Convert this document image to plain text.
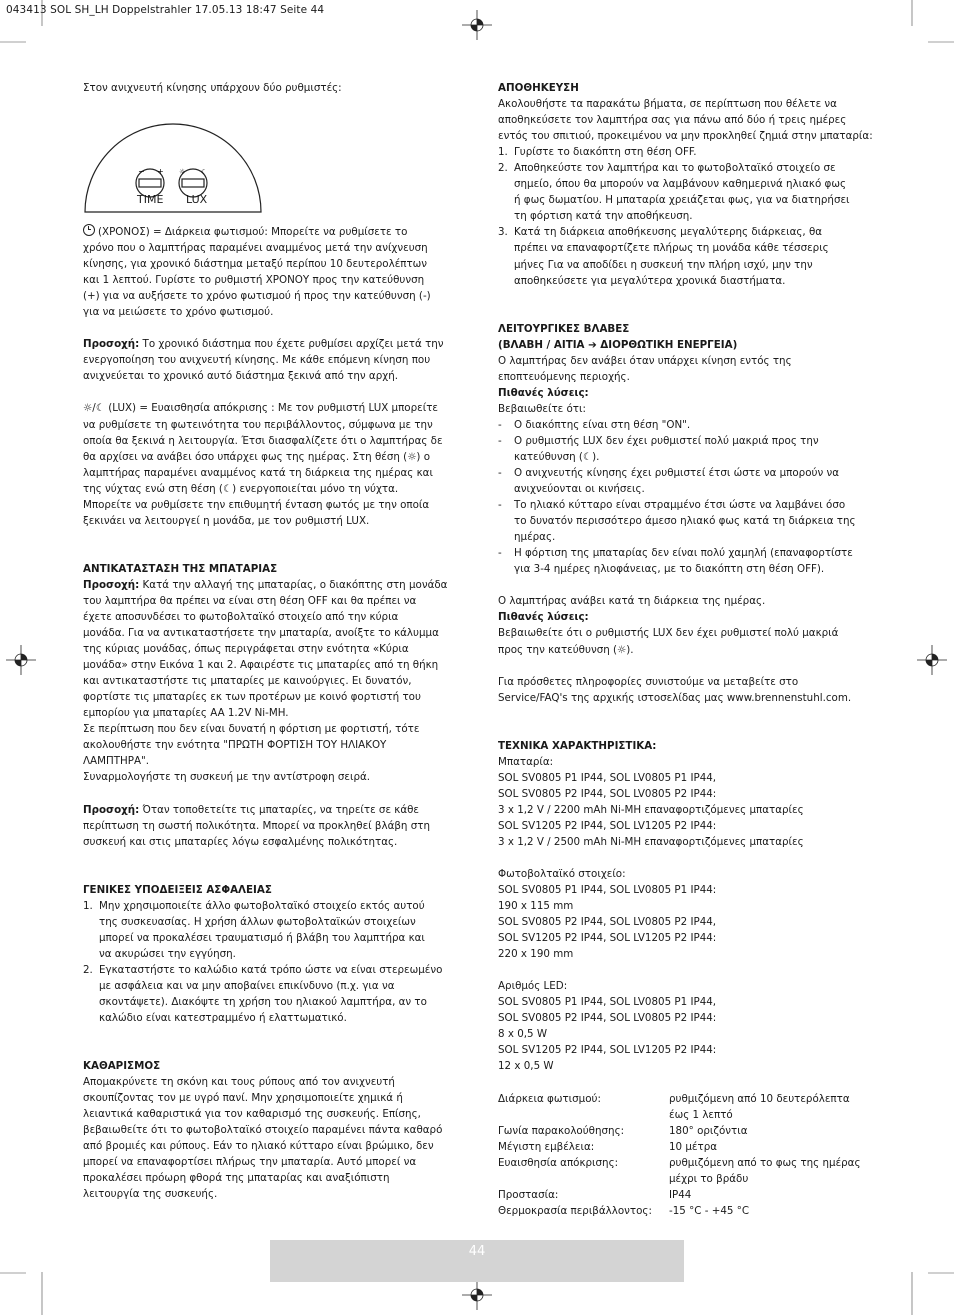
043413 SOL SH_LH Doppelstrahler 17.05.13 18:47 Seite 44

Στον ανιχνευτή κίνησης υπάρχουν δύο ρυθμιστές:

− + ☼ ☾
TIME LUX

(ΧΡΟΝΟΣ) = Διάρκεια φωτισμού: Μπορείτε να ρυθμίσετε το

χρόνο που ο λαμπτήρας παραμένει αναμμένος μετά την ανίχνευση

κίνησης, για χρονικό διάστημα μεταξύ περίπου 10 δευτερολέπτων

και 1 λεπτού. Γυρίστε το ρυθμιστή ΧΡΟΝΟΥ προς την κατεύθυνση

(+) για να αυξήσετε το χρόνο φωτισμού ή προς την κατεύθυνση (-)

για να μειώσετε το χρόνο φωτισμού.

Προσοχή: Το χρονικό διάστημα που έχετε ρυθμίσει αρχίζει μετά την

ενεργοποίηση του ανιχνευτή κίνησης. Με κάθε επόμενη κίνηση που

ανιχνεύεται το χρονικό αυτό διάστημα ξεκινά από την αρχή.

☼/☾ (LUX) = Ευαισθησία απόκρισης : Με τον ρυθμιστή LUX μπορείτε

να ρυθμίσετε τη φωτεινότητα του περιβάλλοντος, σύμφωνα με την

οποία θα ξεκινά η λειτουργία. Έτσι διασφαλίζετε ότι ο λαμπτήρας δε

θα αρχίσει να ανάβει όσο υπάρχει φως της ημέρας. Στη θέση (☼) ο

λαμπτήρας παραμένει αναμμένος κατά τη διάρκεια της ημέρας και

της νύχτας ενώ στη θέση (☾) ενεργοποιείται μόνο τη νύχτα.

Μπορείτε να ρυθμίσετε την επιθυμητή ένταση φωτός με την οποία

ξεκινάει να λειτουργεί η μονάδα, με τον ρυθμιστή LUX.

ΑΝΤΙΚΑΤΑΣΤΑΣΗ ΤΗΣ ΜΠΑΤΑΡΙΑΣ

Προσοχή: Κατά την αλλαγή της μπαταρίας, ο διακόπτης στη μονάδα

του λαμπτήρα θα πρέπει να είναι στη θέση OFF και θα πρέπει να

έχετε αποσυνδέσει το φωτοβολταϊκό στοιχείο από την κύρια

μονάδα. Για να αντικαταστήσετε την μπαταρία, ανοίξτε το κάλυμμα

της κύριας μονάδας, όπως περιγράφεται στην ενότητα «Κύρια

μονάδα» στην Εικόνα 1 και 2. Αφαιρέστε τις μπαταρίες από τη θήκη

και αντικαταστήστε τις μπαταρίες με καινούργιες. Ει δυνατόν,

φορτίστε τις μπαταρίες εκ των προτέρων με κοινό φορτιστή του

εμπορίου για μπαταρίες AA 1.2V Ni-MH.

Σε περίπτωση που δεν είναι δυνατή η φόρτιση με φορτιστή, τότε

ακολουθήστε την ενότητα "ΠΡΩΤΗ ΦΟΡΤΙΣΗ ΤΟΥ ΗΛΙΑΚΟΥ

ΛΑΜΠΤΗΡΑ".

Συναρμολογήστε τη συσκευή με την αντίστροφη σειρά.

Προσοχή: Όταν τοποθετείτε τις μπαταρίες, να τηρείτε σε κάθε

περίπτωση τη σωστή πολικότητα. Μπορεί να προκληθεί βλάβη στη

συσκευή και στις μπαταρίες λόγω εσφαλμένης πολικότητας.

ΓΕΝΙΚΕΣ ΥΠΟΔΕΙΞΕΙΣ ΑΣΦΑΛΕΙΑΣ

1. Μην χρησιμοποιείτε άλλο φωτοβολταϊκό στοιχείο εκτός αυτού
της συσκευασίας. Η χρήση άλλων φωτοβολταϊκών στοιχείων
μπορεί να προκαλέσει τραυματισμό ή βλάβη του λαμπτήρα και
να ακυρώσει την εγγύηση.
2. Εγκαταστήστε το καλώδιο κατά τρόπο ώστε να είναι στερεωμένο
με ασφάλεια και να μην αποβαίνει επικίνδυνο (π.χ. για να
σκοντάψετε). Διακόψτε τη χρήση του ηλιακού λαμπτήρα, αν το
καλώδιο είναι κατεστραμμένο ή ελαττωματικό.

ΚΑΘΑΡΙΣΜΟΣ

Απομακρύνετε τη σκόνη και τους ρύπους από τον ανιχνευτή

σκουπίζοντας τον με υγρό πανί. Μην χρησιμοποιείτε χημικά ή

λειαντικά καθαριστικά για τον καθαρισμό της συσκευής. Επίσης,

βεβαιωθείτε ότι το φωτοβολταϊκό στοιχείο παραμένει πάντα καθαρό

από βρομιές και ρύπους. Εάν το ηλιακό κύτταρο είναι βρώμικο, δεν

μπορεί να επαναφορτίσει πλήρως την μπαταρία. Αυτό μπορεί να

προκαλέσει πρόωρη φθορά της μπαταρίας και αναξιόπιστη

λειτουργία της συσκευής.

ΑΠΟΘΗΚΕΥΣΗ

Ακολουθήστε τα παρακάτω βήματα, σε περίπτωση που θέλετε να

αποθηκεύσετε τον λαμπτήρα σας για πάνω από δύο ή τρεις ημέρες

εντός του σπιτιού, προκειμένου να μην προκληθεί ζημιά στην μπαταρία:

1. Γυρίστε το διακόπτη στη θέση OFF.
2. Αποθηκεύστε τον λαμπτήρα και το φωτοβολταϊκό στοιχείο σε
σημείο, όπου θα μπορούν να λαμβάνουν καθημερινά ηλιακό φως
ή φως δωματίου. Η μπαταρία χρειάζεται φως, για να διατηρήσει
τη φόρτιση κατά την αποθήκευση.
3. Κατά τη διάρκεια αποθήκευσης μεγαλύτερης διάρκειας, θα
πρέπει να επαναφορτίζετε πλήρως τη μονάδα κάθε τέσσερις
μήνες Για να αποδίδει η συσκευή την πλήρη ισχύ, μην την
αποθηκεύσετε για μεγαλύτερα χρονικά διαστήματα.

ΛΕΙΤΟΥΡΓΙΚΕΣ ΒΛΑΒΕΣ

(ΒΛΑΒΗ / ΑΙΤΙΑ ➔ ΔΙΟΡΘΩΤΙΚΗ ΕΝΕΡΓΕΙΑ)

Ο λαμπτήρας δεν ανάβει όταν υπάρχει κίνηση εντός της

εποπτευόμενης περιοχής.

Πιθανές λύσεις:

Βεβαιωθείτε ότι:

- Ο διακόπτης είναι στη θέση "ON".
- Ο ρυθμιστής LUX δεν έχει ρυθμιστεί πολύ μακριά προς την
κατεύθυνση (☾).
- Ο ανιχνευτής κίνησης έχει ρυθμιστεί έτσι ώστε να μπορούν να
ανιχνεύονται οι κινήσεις.
- Το ηλιακό κύτταρο είναι στραμμένο έτσι ώστε να λαμβάνει όσο
το δυνατόν περισσότερο άμεσο ηλιακό φως κατά τη διάρκεια της
ημέρας.
- Η φόρτιση της μπαταρίας δεν είναι πολύ χαμηλή (επαναφορτίστε
για 3-4 ημέρες ηλιοφάνειας, με το διακόπτη στη θέση OFF).

Ο λαμπτήρας ανάβει κατά τη διάρκεια της ημέρας.

Πιθανές λύσεις:

Βεβαιωθείτε ότι ο ρυθμιστής LUX δεν έχει ρυθμιστεί πολύ μακριά

προς την κατεύθυνση (☼).

Για πρόσθετες πληροφορίες συνιστούμε να μεταβείτε στο

Service/FAQ's της αρχικής ιστοσελίδας μας www.brennenstuhl.com.

ΤΕΧΝΙΚΑ ΧΑΡΑΚΤΗΡΙΣΤΙΚΑ:

Μπαταρία:

SOL SV0805 P1 IP44, SOL LV0805 P1 IP44,

SOL SV0805 P2 IP44, SOL LV0805 P2 IP44:

3 x 1,2 V / 2200 mAh Ni-MH επαναφορτιζόμενες μπαταρίες

SOL SV1205 P2 IP44, SOL LV1205 P2 IP44:

3 x 1,2 V / 2500 mAh Ni-MH επαναφορτιζόμενες μπαταρίες

Φωτοβολταϊκό στοιχείο:

SOL SV0805 P1 IP44, SOL LV0805 P1 IP44:

190 x 115 mm

SOL SV0805 P2 IP44, SOL LV0805 P2 IP44,

SOL SV1205 P2 IP44, SOL LV1205 P2 IP44:

220 x 190 mm

Αριθμός LED:

SOL SV0805 P1 IP44, SOL LV0805 P1 IP44,

SOL SV0805 P2 IP44, SOL LV0805 P2 IP44:

8 x 0,5 W

SOL SV1205 P2 IP44, SOL LV1205 P2 IP44:

12 x 0,5 W

Διάρκεια φωτισμού:	ρυθμιζόμενη από 10 δευτερόλεπτα
έως 1 λεπτό

Γωνία παρακολούθησης:	180° οριζόντια

Μέγιστη εμβέλεια:	10 μέτρα

Ευαισθησία απόκρισης:	ρυθμιζόμενη από το φως της ημέρας
μέχρι το βράδυ

Προστασία:	IP44

Θερμοκρασία περιβάλλοντος:	-15 °C - +45 °C
44
